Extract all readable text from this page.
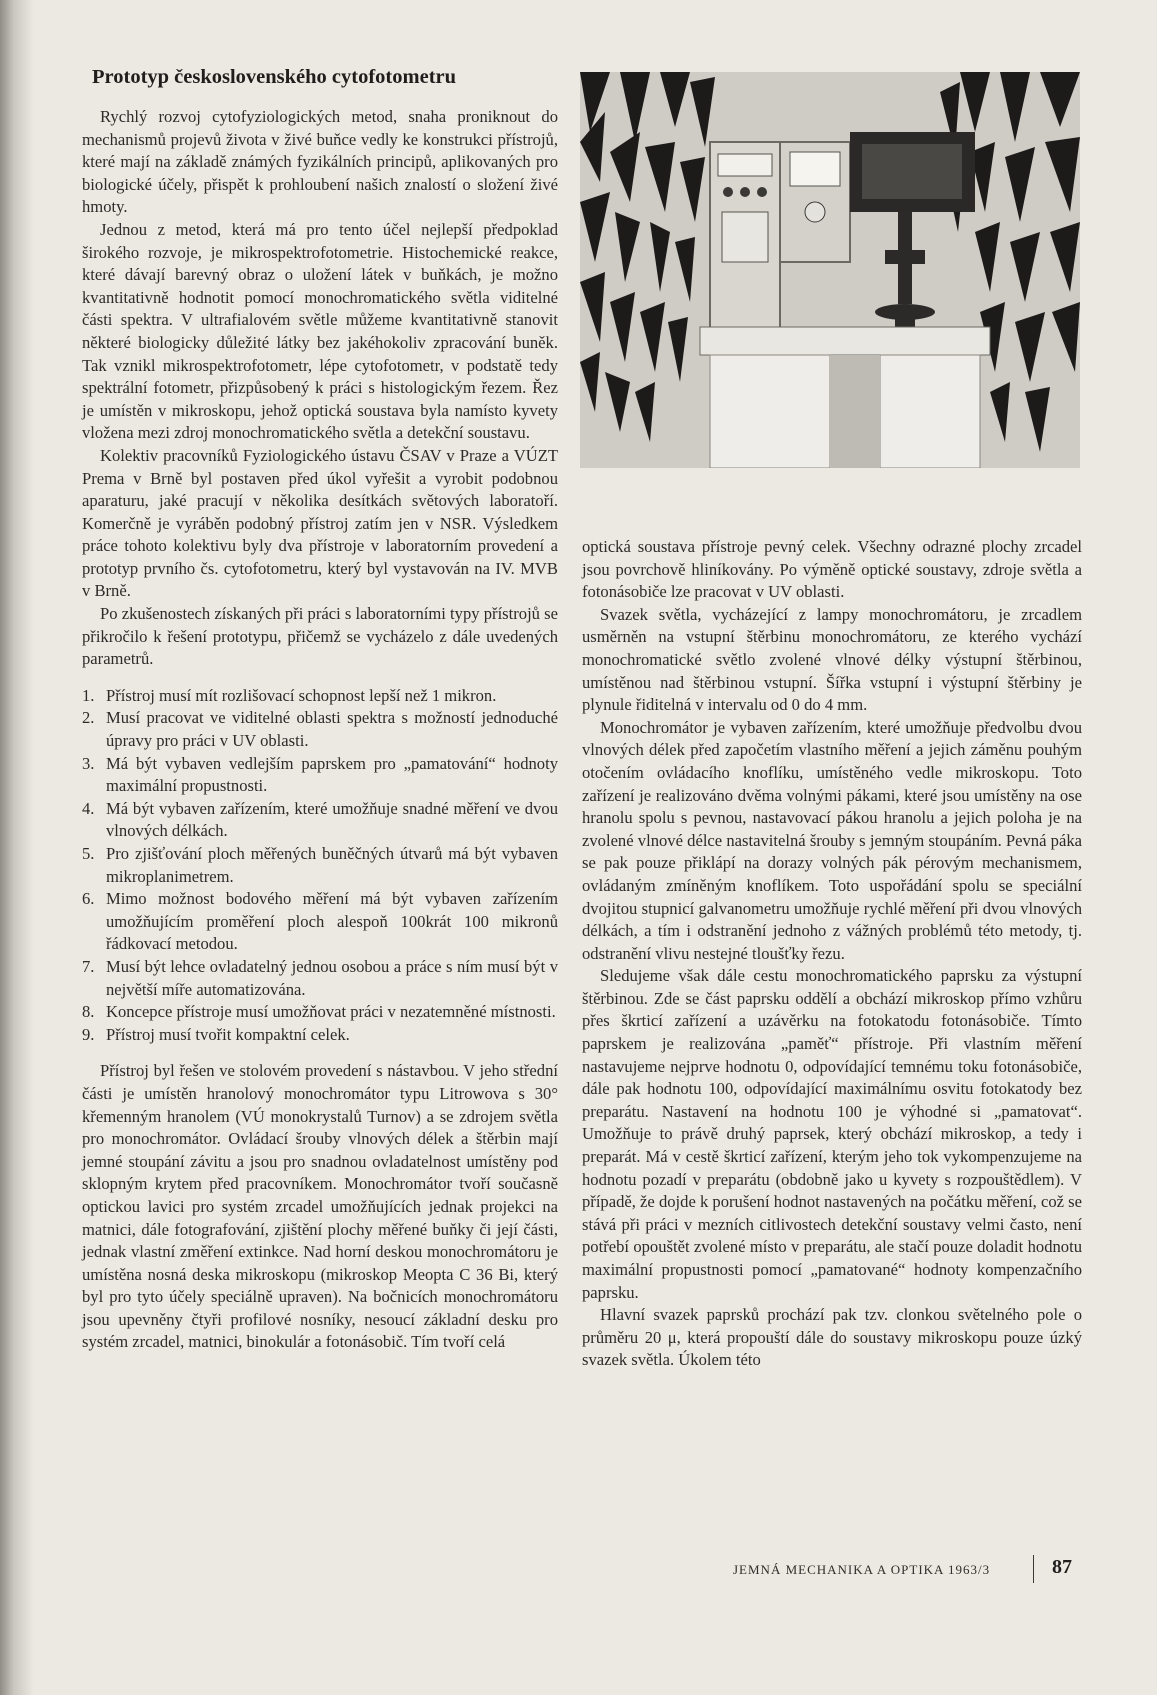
Prototyp československého cytofotometru

Rychlý rozvoj cytofyziologických metod, snaha proniknout do mechanismů projevů života v živé buňce vedly ke konstrukci přístrojů, které mají na základě známých fyzikálních principů, aplikovaných pro biologické účely, přispět k prohloubení našich znalostí o složení živé hmoty.

Jednou z metod, která má pro tento účel nejlepší předpoklad širokého rozvoje, je mikrospektrofotometrie. Histochemické reakce, které dávají barevný obraz o uložení látek v buňkách, je možno kvantitativně hodnotit pomocí monochromatického světla viditelné části spektra. V ultrafialovém světle můžeme kvantitativně stanovit některé biologicky důležité látky bez jakéhokoliv zpracování buněk. Tak vznikl mikrospektrofotometr, lépe cytofotometr, v podstatě tedy spektrální fotometr, přizpůsobený k práci s histologickým řezem. Řez je umístěn v mikroskopu, jehož optická soustava byla namísto kyvety vložena mezi zdroj monochromatického světla a detekční soustavu.

Kolektiv pracovníků Fyziologického ústavu ČSAV v Praze a VÚZT Prema v Brně byl postaven před úkol vyřešit a vyrobit podobnou aparaturu, jaké pracují v několika desítkách světových laboratoří. Komerčně je vyráběn podobný přístroj zatím jen v NSR. Výsledkem práce tohoto kolektivu byly dva přístroje v laboratorním provedení a prototyp prvního čs. cytofotometru, který byl vystavován na IV. MVB v Brně.

Po zkušenostech získaných při práci s laboratorními typy přístrojů se přikročilo k řešení prototypu, přičemž se vycházelo z dále uvedených parametrů.

1. Přístroj musí mít rozlišovací schopnost lepší než 1 mikron.
2. Musí pracovat ve viditelné oblasti spektra s možností jednoduché úpravy pro práci v UV oblasti.
3. Má být vybaven vedlejším paprskem pro „pamatování“ hodnoty maximální propustnosti.
4. Má být vybaven zařízením, které umožňuje snadné měření ve dvou vlnových délkách.
5. Pro zjišťování ploch měřených buněčných útvarů má být vybaven mikroplanimetrem.
6. Mimo možnost bodového měření má být vybaven zařízením umožňujícím proměření ploch alespoň 100krát 100 mikronů řádkovací metodou.
7. Musí být lehce ovladatelný jednou osobou a práce s ním musí být v největší míře automatizována.
8. Koncepce přístroje musí umožňovat práci v nezatemněné místnosti.
9. Přístroj musí tvořit kompaktní celek.

Přístroj byl řešen ve stolovém provedení s nástavbou. V jeho střední části je umístěn hranolový monochromátor typu Litrowova s 30° křemenným hranolem (VÚ monokrystalů Turnov) a se zdrojem světla pro monochromátor. Ovládací šrouby vlnových délek a štěrbin mají jemné stoupání závitu a jsou pro snadnou ovladatelnost umístěny pod sklopným krytem před pracovníkem. Monochromátor tvoří současně optickou lavici pro systém zrcadel umožňujících jednak projekci na matnici, dále fotografování, zjištění plochy měřené buňky či její části, jednak vlastní změření extinkce. Nad horní deskou monochromátoru je umístěna nosná deska mikroskopu (mikroskop Meopta C 36 Bi, který byl pro tyto účely speciálně upraven). Na bočnicích monochromátoru jsou upevněny čtyři profilové nosníky, nesoucí základní desku pro systém zrcadel, matnici, binokulár a fotonásobič. Tím tvoří celá

optická soustava přístroje pevný celek. Všechny odrazné plochy zrcadel jsou povrchově hliníkovány. Po výměně optické soustavy, zdroje světla a fotonásobiče lze pracovat v UV oblasti.

Svazek světla, vycházející z lampy monochromátoru, je zrcadlem usměrněn na vstupní štěrbinu monochromátoru, ze kterého vychází monochromatické světlo zvolené vlnové délky výstupní štěrbinou, umístěnou nad štěrbinou vstupní. Šířka vstupní i výstupní štěrbiny je plynule řiditelná v intervalu od 0 do 4 mm.

Monochromátor je vybaven zařízením, které umožňuje předvolbu dvou vlnových délek před započetím vlastního měření a jejich záměnu pouhým otočením ovládacího knoflíku, umístěného vedle mikroskopu. Toto zařízení je realizováno dvěma volnými pákami, které jsou umístěny na ose hranolu spolu s pevnou, nastavovací pákou hranolu a jejich poloha je na zvolené vlnové délce nastavitelná šrouby s jemným stoupáním. Pevná páka se pak pouze přiklápí na dorazy volných pák pérovým mechanismem, ovládaným zmíněným knoflíkem. Toto uspořádání spolu se speciální dvojitou stupnicí galvanometru umožňuje rychlé měření při dvou vlnových délkách, a tím i odstranění jednoho z vážných problémů této metody, tj. odstranění vlivu nestejné tloušťky řezu.

Sledujeme však dále cestu monochromatického paprsku za výstupní štěrbinou. Zde se část paprsku oddělí a obchází mikroskop přímo vzhůru přes škrticí zařízení a uzávěrku na fotokatodu fotonásobiče. Tímto paprskem je realizována „paměť“ přístroje. Při vlastním měření nastavujeme nejprve hodnotu 0, odpovídající temnému toku fotonásobiče, dále pak hodnotu 100, odpovídající maximálnímu osvitu fotokatody bez preparátu. Nastavení na hodnotu 100 je výhodné si „pamatovat“. Umožňuje to právě druhý paprsek, který obchází mikroskop, a tedy i preparát. Má v cestě škrticí zařízení, kterým jeho tok vykompenzujeme na hodnotu pozadí v preparátu (obdobně jako u kyvety s rozpouštědlem). V případě, že dojde k porušení hodnot nastavených na počátku měření, což se stává při práci v mezních citlivostech detekční soustavy velmi často, není potřebí opouštět zvolené místo v preparátu, ale stačí pouze doladit hodnotu maximální propustnosti pomocí „pamatované“ hodnoty kompenzačního paprsku.

Hlavní svazek paprsků prochází pak tzv. clonkou světelného pole o průměru 20 μ, která propouští dále do soustavy mikroskopu pouze úzký svazek světla. Úkolem této

JEMNÁ MECHANIKA A OPTIKA 1963/3	87
